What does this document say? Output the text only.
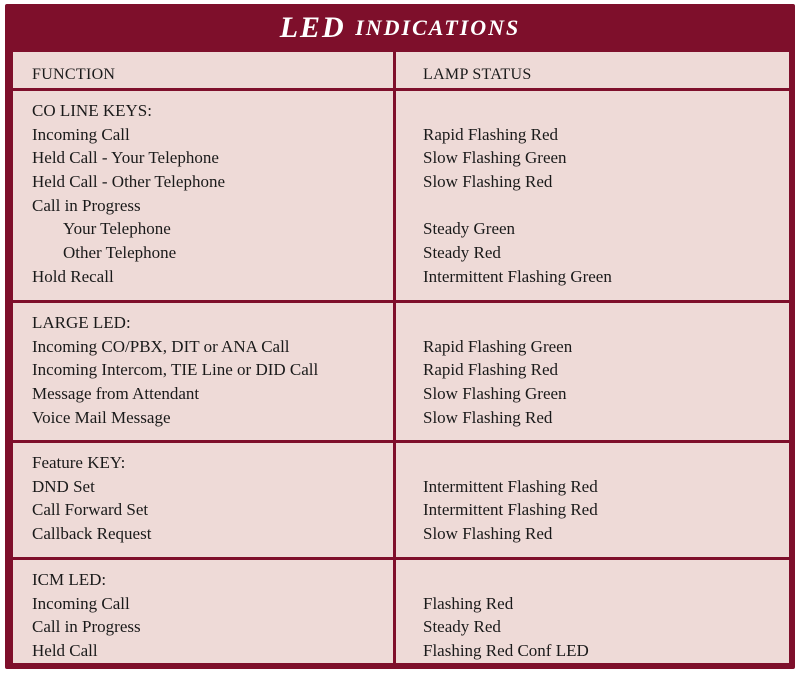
LED
INDICATIONS
FUNCTION	LAMP STATUS
CO LINE KEYS:
Incoming Call
Held Call - Your Telephone
Held Call - Other Telephone
Call in Progress
Your Telephone
Other Telephone
Hold Recall
Rapid Flashing Red
Slow Flashing Green
Slow Flashing Red
Steady Green
Steady Red
Intermittent Flashing Green
LARGE LED:
Incoming CO/PBX, DIT or ANA Call
Incoming Intercom, TIE Line or DID Call
Message from Attendant
Voice Mail Message
Rapid Flashing Green
Rapid Flashing Red
Slow Flashing Green
Slow Flashing Red
Feature KEY:
DND Set
Call Forward Set
Callback Request
Intermittent Flashing Red
Intermittent Flashing Red
Slow Flashing Red
ICM LED:
Incoming Call
Call in Progress
Held Call
Flashing Red
Steady Red
Flashing Red Conf LED
